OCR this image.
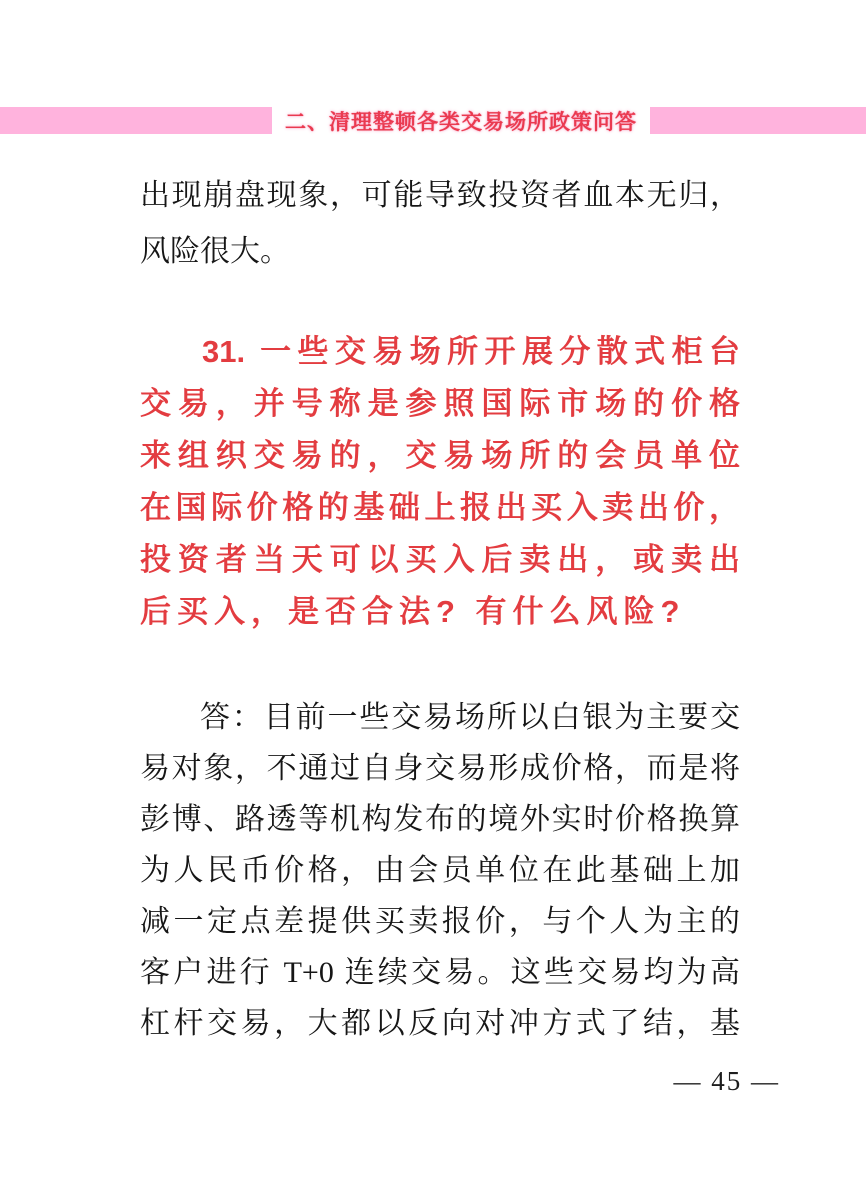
二、清理整顿各类交易场所政策问答
出现崩盘现象，可能导致投资者血本无归，
风险很大。
31. 一些交易场所开展分散式柜台
交易，并号称是参照国际市场的价格
来组织交易的，交易场所的会员单位
在国际价格的基础上报出买入卖出价，
投资者当天可以买入后卖出，或卖出
后买入，是否合法? 有什么风险?
答：目前一些交易场所以白银为主要交
易对象，不通过自身交易形成价格，而是将
彭博、路透等机构发布的境外实时价格换算
为人民币价格，由会员单位在此基础上加
减一定点差提供买卖报价，与个人为主的
客户进行 T+0 连续交易。这些交易均为高
杠杆交易，大都以反向对冲方式了结，基
— 45 —
